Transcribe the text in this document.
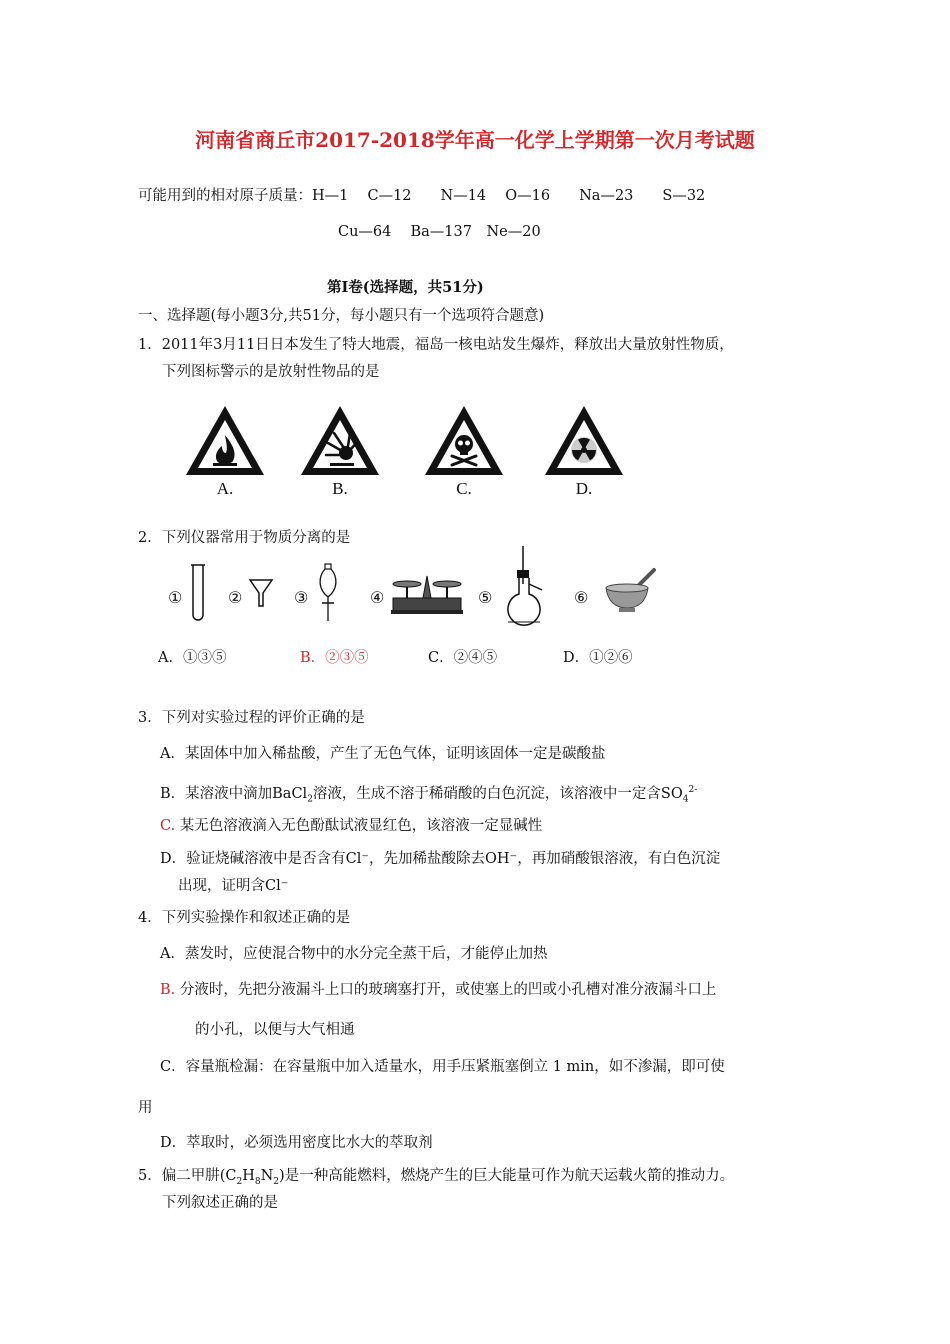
河南省商丘市2017-2018学年高一化学上学期第一次月考试题
可能用到的相对原子质量：H—1　 C—12　　N—14　 O—16　　Na—23　　S—32
Cu—64　 Ba—137　Ne—20
第Ⅰ卷(选择题，共51分)
一、选择题(每小题3分,共51分，每小题只有一个选项符合题意)
1．2011年3月11日日本发生了特大地震，福岛一核电站发生爆炸，释放出大量放射性物质，
下列图标警示的是放射性物品的是
A.	B.	C.	D.
2．下列仪器常用于物质分离的是
①	②	③	④	⑤	⑥
A．①③⑤	B．②③⑤	C．②④⑤	D．①②⑥
3．下列对实验过程的评价正确的是
A．某固体中加入稀盐酸，产生了无色气体，证明该固体一定是碳酸盐
B．某溶液中滴加BaCl$_2$溶液，生成不溶于稀硝酸的白色沉淀，该溶液中一定含$SO_4^{2-}$
C. 某无色溶液滴入无色酚酞试液显红色，该溶液一定显碱性
D．验证烧碱溶液中是否含有Cl⁻，先加稀盐酸除去OH⁻，再加硝酸银溶液，有白色沉淀
出现，证明含Cl⁻
4．下列实验操作和叙述正确的是
A．蒸发时，应使混合物中的水分完全蒸干后，才能停止加热
B. 分液时，先把分液漏斗上口的玻璃塞打开，或使塞上的凹或小孔槽对准分液漏斗口上
的小孔，以便与大气相通
C．容量瓶检漏：在容量瓶中加入适量水，用手压紧瓶塞倒立 1 min，如不渗漏，即可使
用
D．萃取时，必须选用密度比水大的萃取剂
5．偏二甲肼$(C_2H_8N_2)$是一种高能燃料，燃烧产生的巨大能量可作为航天运载火箭的推动力。
下列叙述正确的是
